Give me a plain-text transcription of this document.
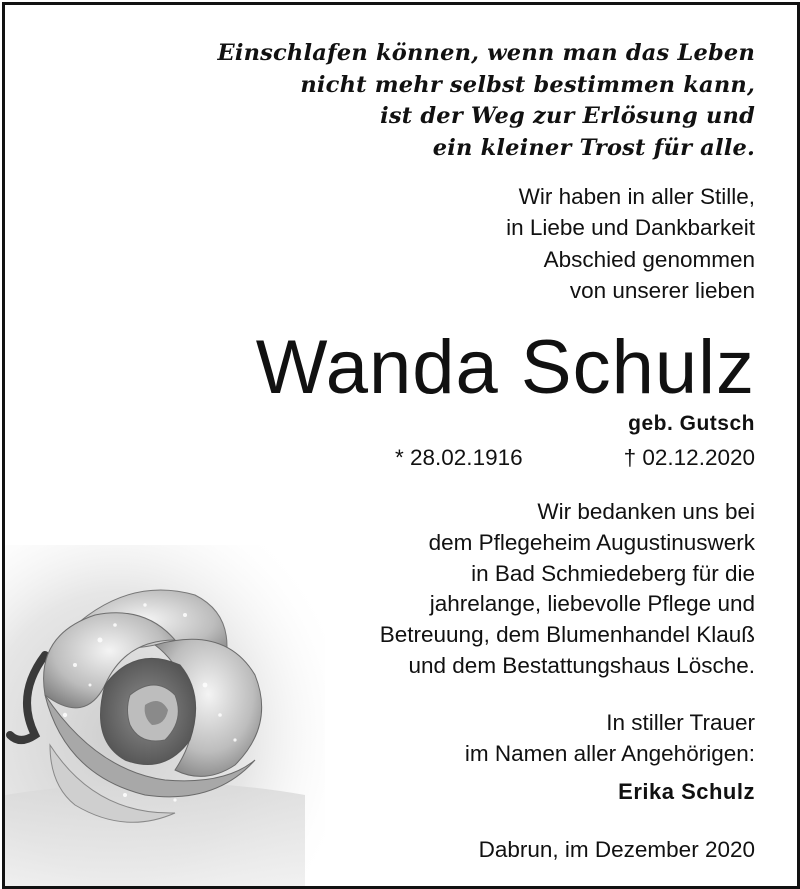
Einschlafen können, wenn man das Leben
nicht mehr selbst bestimmen kann,
ist der Weg zur Erlösung und
ein kleiner Trost für alle.
Wir haben in aller Stille,
in Liebe und Dankbarkeit
Abschied genommen
von unserer lieben
Wanda Schulz
geb. Gutsch
* 28.02.1916	† 02.12.2020
Wir bedanken uns bei
dem Pflegeheim Augustinuswerk
in Bad Schmiedeberg für die
jahrelange, liebevolle Pflege und
Betreuung, dem Blumenhandel Klauß
und dem Bestattungshaus Lösche.
In stiller Trauer
im Namen aller Angehörigen:
Erika Schulz
Dabrun, im Dezember 2020
